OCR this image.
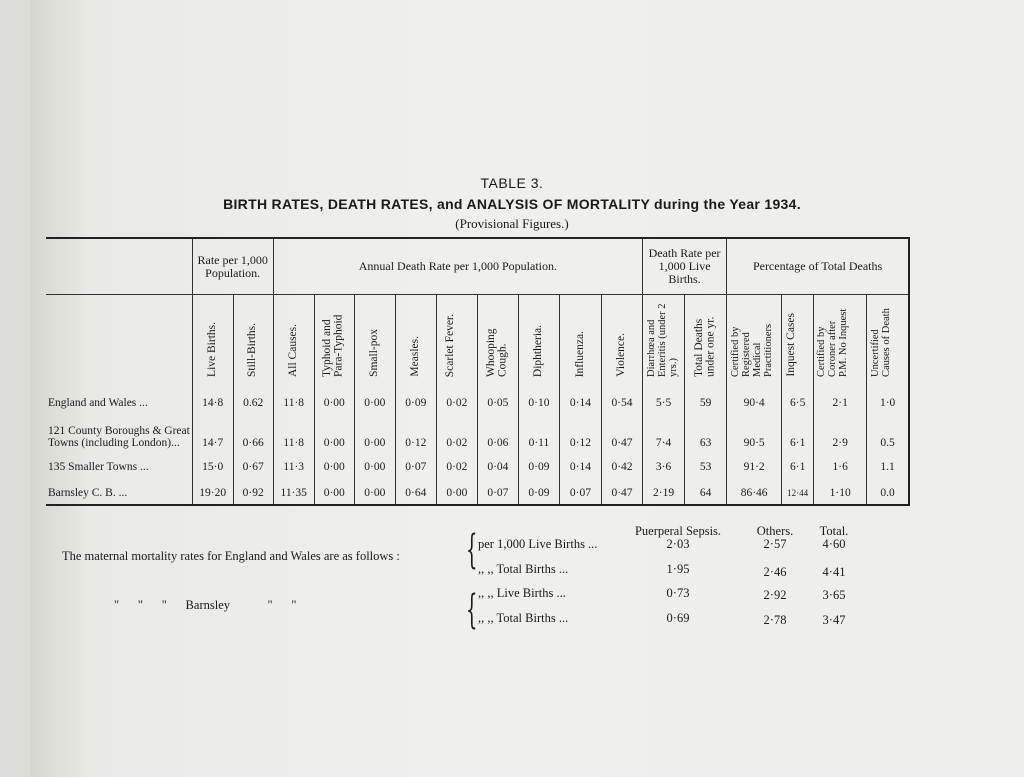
TABLE 3.
BIRTH RATES, DEATH RATES, and ANALYSIS OF MORTALITY during the Year 1934.
(Provisional Figures.)
	Rate per 1,000 Population.		Annual Death Rate per 1,000 Population.									Death Rate per 1,000 Live Births.		Percentage of Total Deaths			

	Live Births.	Still-Births.	All Causes.	Typhoid and Para-Typhoid	Small-pox	Measles.	Scarlet Fever.	Whooping Cough.	Diphtheria.	Influenza.	Violence.	Diarrhœa and Enteritis (under 2 yrs.)	Total Deaths under one yr.	Certified by Registered Medical Practitioners	Inquest Cases	Certified by Coroner after P.M. No Inquest	Uncertified Causes of Death

England and Wales ...	14·8	0.62	11·8	0·00	0·00	0·09	0·02	0·05	0·10	0·14	0·54	5·5	59	90·4	6·5	2·1	1·0
121 County Boroughs & Great Towns (including London)...	14·7	0·66	11·8	0·00	0·00	0·12	0·02	0·06	0·11	0·12	0·47	7·4	63	90·5	6·1	2·9	0.5
135 Smaller Towns ...	15·0	0·67	11·3	0·00	0·00	0·07	0·02	0·04	0·09	0·14	0·42	3·6	53	91·2	6·1	1·6	1.1
Barnsley C. B. ...	19·20	0·92	11·35	0·00	0·00	0·64	0·00	0·07	0·09	0·07	0·47	2·19	64	86·46	12·44	1·10	0.0
Puerperal Sepsis.	Others.	Total.
The maternal mortality rates for England and Wales are as follows : { per 1,000 Live Births ...	2·03	2·57	4·60
,, ,, Total Births ...	1·95	2·46	4·41
"      "      "      Barnsley            "      "	{ ,, ,, Live Births ...	0·73	2·92	3·65
,, ,, Total Births ...	0·69	2·78	3·47
